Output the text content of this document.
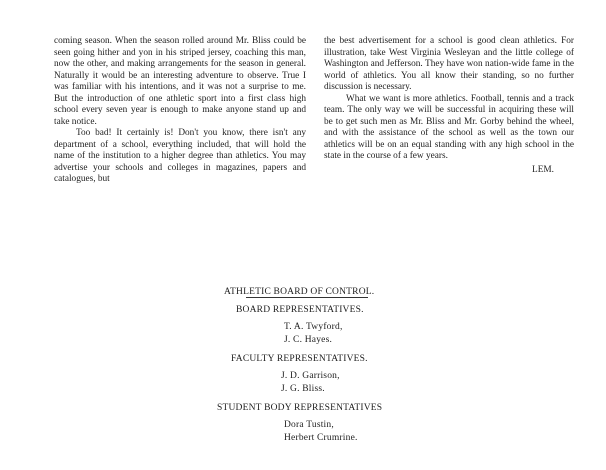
coming season. When the season rolled around Mr. Bliss could be seen going hither and yon in his striped jersey, coaching this man, now the other, and making arrangements for the season in general. Naturally it would be an interesting adventure to observe. True I was familiar with his intentions, and it was not a surprise to me. But the introduction of one athletic sport into a first class high school every seven year is enough to make anyone stand up and take notice.

Too bad! It certainly is! Don't you know, there isn't any department of a school, everything included, that will hold the name of the institution to a higher degree than athletics. You may advertise your schools and colleges in magazines, papers and catalogues, but

the best advertisement for a school is good clean athletics. For illustration, take West Virginia Wesleyan and the little college of Washington and Jefferson. They have won nation-wide fame in the world of athletics. You all know their standing, so no further discussion is necessary.

What we want is more athletics. Football, tennis and a track team. The only way we will be successful in acquiring these will be to get such men as Mr. Bliss and Mr. Gorby behind the wheel, and with the assistance of the school as well as the town our athletics will be on an equal standing with any high school in the state in the course of a few years.

LEM.

ATHLETIC BOARD OF CONTROL.
BOARD REPRESENTATIVES.
T. A. Twyford,
J. C. Hayes.
FACULTY REPRESENTATIVES.
J. D. Garrison,
J. G. Bliss.
STUDENT BODY REPRESENTATIVES
Dora Tustin,
Herbert Crumrine.
